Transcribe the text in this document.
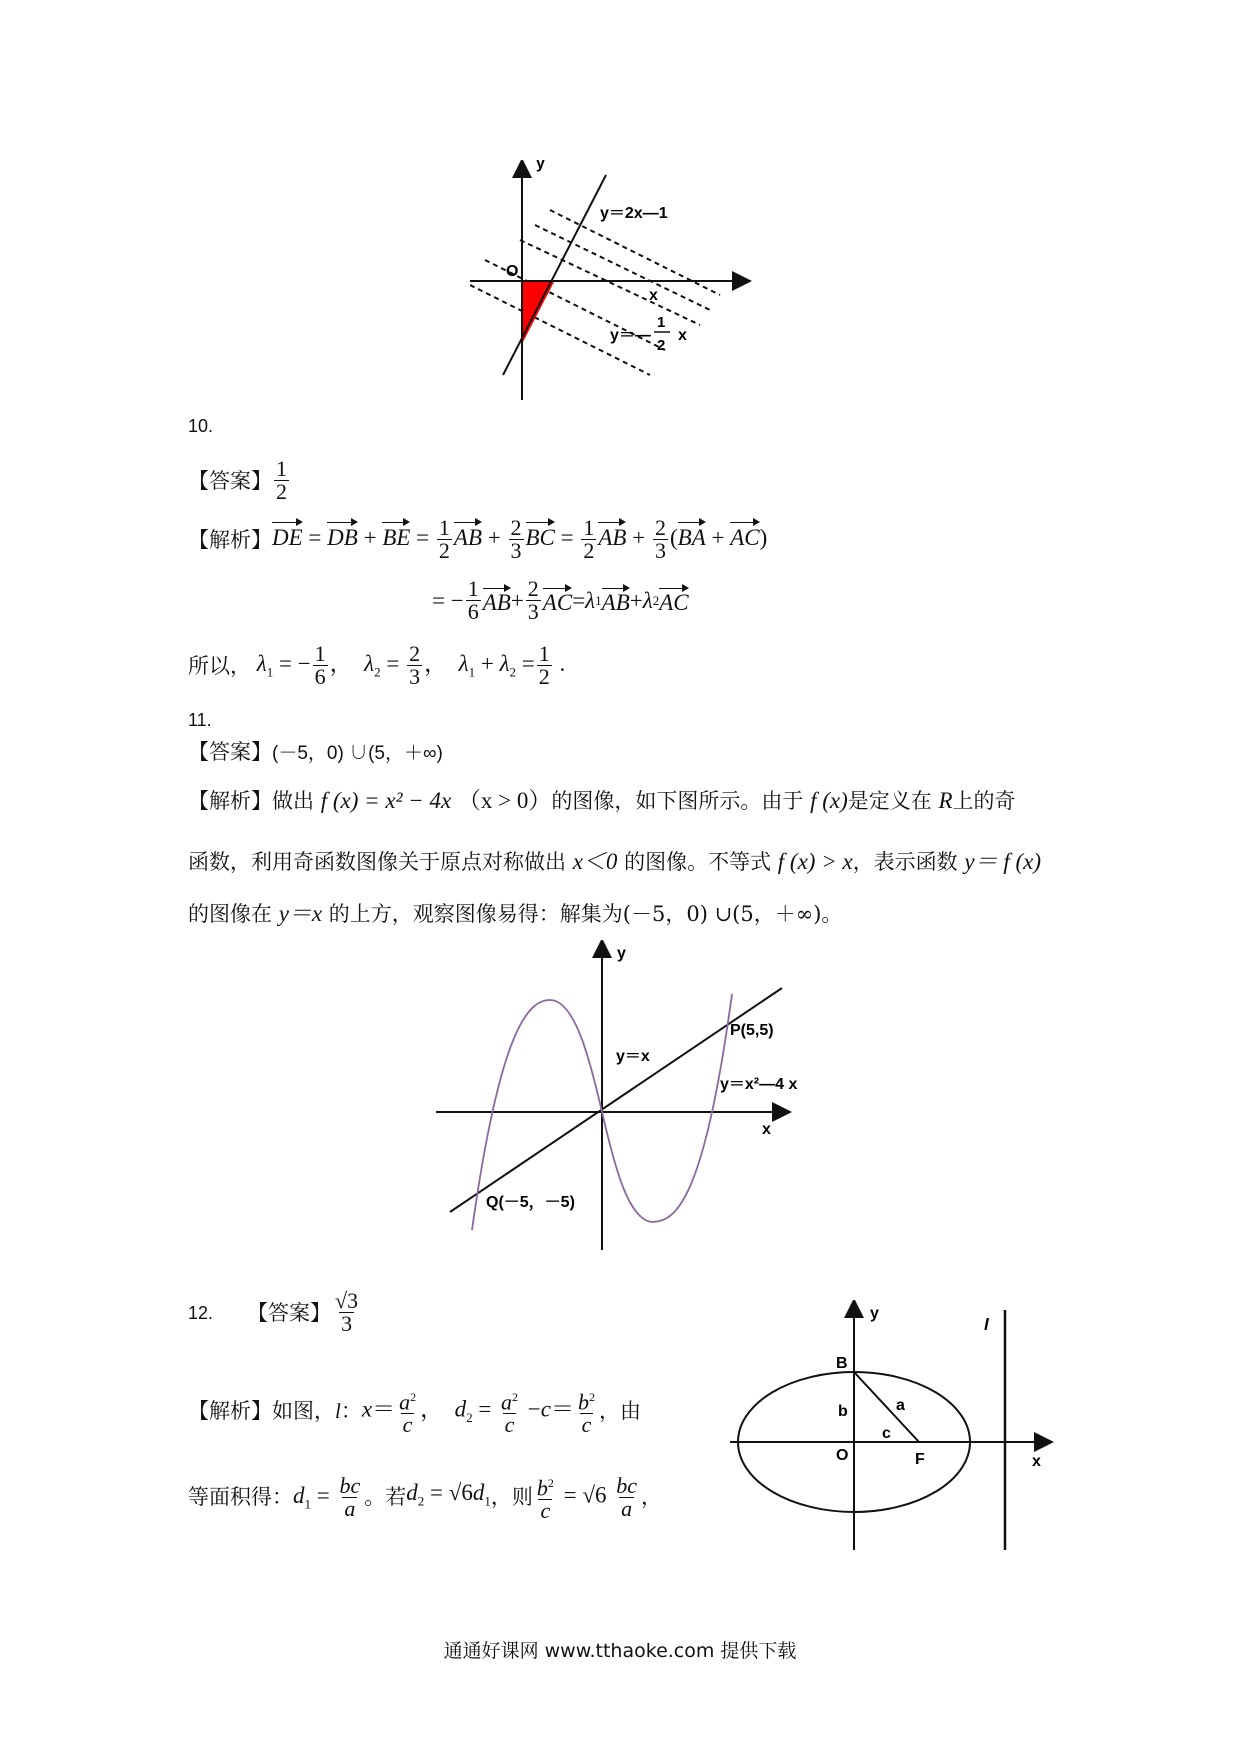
y
x
O
y＝2x—1
y＝—
1
2
x
10.
【答案】 $\frac{1}{2}$
【解析】 DE = DB + BE = $\frac{1}{2}$ AB + $\frac{2}{3}$ BC = $\frac{1}{2}$ AB + $\frac{2}{3} (BA + AC)$
= − $\frac{1}{6}$ AB + $\frac{2}{3}$ AC = λ 1 AB + λ 2 AC
所以， $\lambda_1$ = − $\frac{1}{6}$ ，  $\lambda_2 = \frac{2}{3}$ ，  $\lambda_1 + \lambda_2 = \frac{1}{2}$ .
11.
【答案】(－5，0) ∪(5，＋∞)
【解析】做出 f (x) = x² − 4x （x > 0）的图像，如下图所示。由于 f (x)是定义在 R上的奇
函数，利用奇函数图像关于原点对称做出 x＜0 的图像。不等式 f (x) > x，表示函数 y＝ f (x)
的图像在 y＝x 的上方，观察图像易得：解集为(－5，0) ∪(5，＋∞)。
y
x
y＝x
y＝x²—4 x
P(5,5)
Q(－5，－5)
12. 【答案】 $\frac{√3}{3}$
【解析】 如图， l ： $x= \frac{a^2}{c}$ ，  $d_2 = \frac{a^2}{c} -c= \frac{b^2}{c}$ ，由
等面积得： $d_1 = \frac{bc}{a}$ 。若 $d_2 = √6d_1$ ，则 $\frac{b^2}{c} = √6 \frac{bc}{a}$ ，
y
x
l
B
O	F
a
b
c
通通好课网 www.tthaoke.com 提供下载
